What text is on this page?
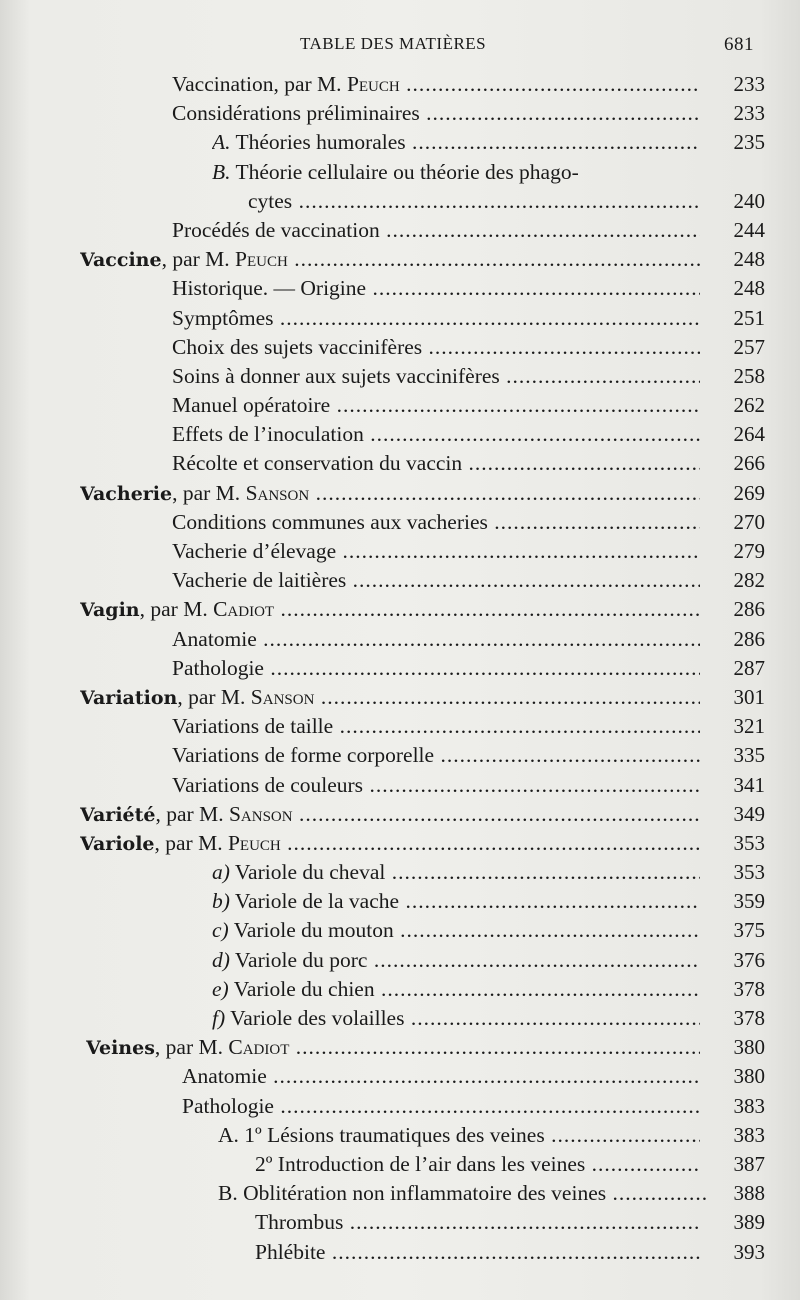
TABLE DES MATIÈRES	681
Vaccination, par M. Peuch .....	233
Considérations préliminaires .....	233
A. Théories humorales .....	235
B. Théorie cellulaire ou théorie des phago-
cytes .....	240
Procédés de vaccination .....	244
Vaccine, par M. Peuch .....	248
Historique. — Origine .....	248
Symptômes .....	251
Choix des sujets vaccinifères .....	257
Soins à donner aux sujets vaccinifères .....	258
Manuel opératoire .....	262
Effets de l’inoculation .....	264
Récolte et conservation du vaccin .....	266
Vacherie, par M. Sanson .....	269
Conditions communes aux vacheries .....	270
Vacherie d’élevage .....	279
Vacherie de laitières .....	282
Vagin, par M. Cadiot .....	286
Anatomie .....	286
Pathologie .....	287
Variation, par M. Sanson .....	301
Variations de taille .....	321
Variations de forme corporelle .....	335
Variations de couleurs .....	341
Variété, par M. Sanson .....	349
Variole, par M. Peuch .....	353
a) Variole du cheval .....	353
b) Variole de la vache .....	359
c) Variole du mouton .....	375
d) Variole du porc .....	376
e) Variole du chien .....	378
f) Variole des volailles .....	378
Veines, par M. Cadiot .....	380
Anatomie .....	380
Pathologie .....	383
A. 1º Lésions traumatiques des veines .....	383
2º Introduction de l’air dans les veines .....	387
B. Oblitération non inflammatoire des veines .....	388
Thrombus .....	389
Phlébite .....	393
